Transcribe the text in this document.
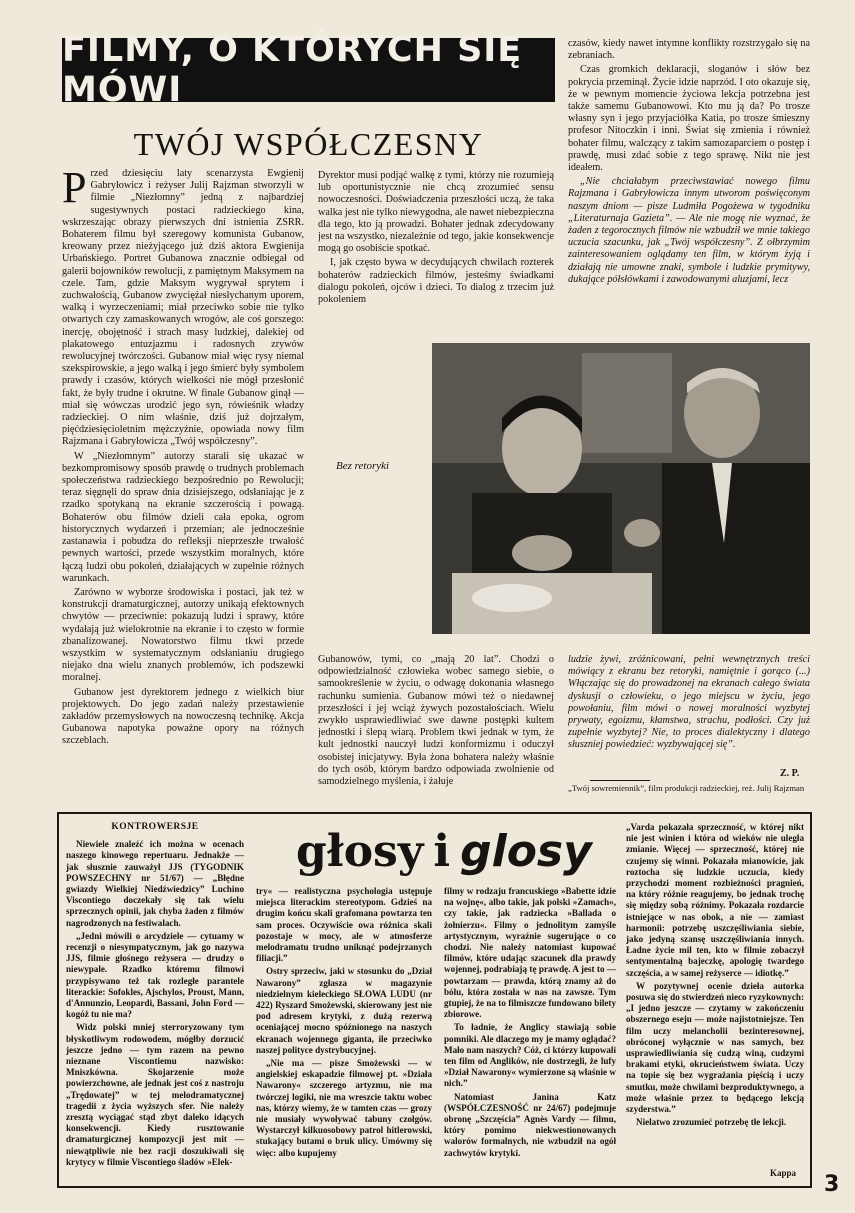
FILMY, O KTÓRYCH SIĘ MÓWI
TWÓJ WSPÓŁCZESNY

Przed dziesięciu laty scenarzysta Ewgienij Gabryłowicz i reżyser Julij Rajzman stworzyli w filmie „Niezłomny” jedną z najbardziej sugestywnych postaci radzieckiego kina, wskrzeszając obrazy pierwszych dni istnienia ZSRR. Bohaterem filmu był szeregowy komunista Gubanow, kreowany przez nieżyjącego już dziś aktora Ewgienija Urbańskiego. Portret Gubanowa znacznie odbiegał od galerii bojowników rewolucji, z pamiętnym Maksymem na czele. Tam, gdzie Maksym wygrywał sprytem i zuchwałością, Gubanow zwyciężał niesłychanym uporem, walką i wyrzeczeniami; miał przeciwko sobie nie tylko otwartych czy zamaskowanych wrogów, ale coś gorszego: inercję, obojętność i strach masy ludzkiej, dalekiej od plakatowego entuzjazmu i radosnych zrywów rewolucyjnej twórczości. Gubanow miał więc rysy niemal szekspirowskie, a jego walką i jego śmierć były symbolem prawdy i czasów, których wielkości nie mógł przesłonić fakt, że były trudne i okrutne. W finale Gubanow ginął — miał się wówczas urodzić jego syn, rówieśnik władzy radzieckiej. O nim właśnie, dziś już dojrzałym, pięćdziesięcioletnim mężczyźnie, opowiada nowy film Rajzmana i Gabryłowicza „Twój współczesny”.

W „Niezłomnym” autorzy starali się ukazać w bezkompromisowy sposób prawdę o trudnych problemach społeczeństwa radzieckiego bezpośrednio po Rewolucji; teraz sięgnęli do spraw dnia dzisiejszego, odsłaniając je z rzadko spotykaną na ekranie szczerością i powagą. Bohaterów obu filmów dzieli cała epoka, ogrom historycznych wydarzeń i przemian; ale jednocześnie zastanawia i pobudza do refleksji nieprzeszłe trwałość pewnych wartości, przede wszystkim moralnych, które łączą ludzi obu pokoleń, działających w zupełnie różnych warunkach.

Zarówno w wyborze środowiska i postaci, jak też w konstrukcji dramaturgicznej, autorzy unikają efektownych chwytów — przeciwnie: pokazują ludzi i sprawy, które wydałają już wielokrotnie na ekranie i to często w formie zbanalizowanej. Nowatorstwo filmu tkwi przede wszystkim w systematycznym odsłanianiu drugiego niejako dna wielu znanych problemów, ich podszewki moralnej.

Gubanow jest dyrektorem jednego z wielkich biur projektowych. Do jego zadań należy przestawienie zakładów przemysłowych na nowoczesną technikę. Akcja Gubanowa napotyka poważne opory na różnych szczeblach.

Dyrektor musi podjąć walkę z tymi, którzy nie rozumieją lub oportunistycznie nie chcą zrozumieć sensu nowoczesności. Doświadczenia przeszłości uczą, że taka walka jest nie tylko niewygodna, ale nawet niebezpieczna dla tego, kto ją prowadzi. Bohater jednak zdecydowany jest na wszystko, niezależnie od tego, jakie konsekwencje mogą go osobiście spotkać.

I, jak często bywa w decydujących chwilach rozterek bohaterów radzieckich filmów, jesteśmy świadkami dialogu pokoleń, ojców i dzieci. To dialog z trzecim już pokoleniem

czasów, kiedy nawet intymne konflikty rozstrzygało się na zebraniach.

Czas gromkich deklaracji, sloganów i słów bez pokrycia przeminął. Życie idzie naprzód. I oto okazuje się, że w pewnym momencie życiowa lekcja potrzebna jest także samemu Gubanowowi. Kto mu ją da? Po trosze własny syn i jego przyjaciółka Katia, po trosze śmieszny profesor Nitoczkin i inni. Świat się zmienia i również bohater filmu, walczący z takim samozaparciem o postęp i prawdę, musi zdać sobie z tego sprawę. Nikt nie jest ideałem.

„Nie chciałabym przeciwstawiać nowego filmu Rajzmana i Gabryłowicza innym utworom poświęconym naszym dniom — pisze Ludmiła Pogożewa w tygodniku „Literaturnaja Gazieta”. — Ale nie mogę nie wyznać, że żaden z tegorocznych filmów nie wzbudził we mnie takiego uczucia szacunku, jak „Twój współczesny”. Z ołbrzymim zainteresowaniem oglądamy ten film, w którym żyją i działają nie umowne znaki, symbole i ludzkie prymitywy, dukające półsłówkami i zawodowanymi aluzjami, lecz

Bez retoryki

Gubanowów, tymi, co „mają 20 lat”. Chodzi o odpowiedzialność człowieka wobec samego siebie, o samookreślenie w życiu, o odwagę dokonania własnego rachunku sumienia. Gubanow mówi też o niedawnej przeszłości i jej wciąż żywych pozostałościach. Wielu zwykło usprawiedliwiać swe dawne postępki kultem jednostki i ślepą wiarą. Problem tkwi jednak w tym, że kult jednostki nauczył ludzi konformizmu i oduczył osobistej inicjatywy. Była żona bohatera należy właśnie do tych osób, którym bardzo odpowiada zwolnienie od samodzielnego myślenia, i żałuje

ludzie żywi, zróżnicowani, pełni wewnętrznych treści mówiący z ekranu bez retoryki, namiętnie i gorąco (...) Włączając się do prowadzonej na ekranach całego świata dyskusji o człowieku, o jego miejscu w życiu, jego powołaniu, film mówi o nowej moralności wyzbytej prywaty, egoizmu, kłamstwa, strachu, podłości. Czy już zupełnie wyzbytej? Nie, to proces dialektyczny i dlatego słuszniej powiedzieć: wyzbywającej się”.

Z. P.
„Twój sowremiennik”, film produkcji radzieckiej, reż. Julij Rajzman
głosy i glosy
KONTROWERSJE

Niewiele znaleźć ich można w ocenach naszego kinowego repertuaru. Jednakże — jak słusznie zauważył JJS (TYGODNIK POWSZECHNY nr 51/67) — „Błędne gwiazdy Wielkiej Niedźwiedzicy” Luchino Viscontiego doczekały się tak wielu sprzecznych opinii, jak chyba żaden z filmów nagrodzonych na festiwalach.

„Jedni mówili o arcydziele — cytuamy w recenzji o niesympatycznym, jak go nazywa JJS, filmie głośnego reżysera — drudzy o niewypale. Rzadko któremu filmowi przypisywano też tak rozległe parantele literackie: Sofokles, Ajschylos, Proust, Mann, d'Annunzio, Leopardi, Bassani, John Ford — kogóż tu nie ma?

Widz polski mniej sterroryzowany tym błyskotliwym rodowodem, mógłby dorzucić jeszcze jedno — tym razem na pewno nieznane Viscontiemu nazwisko: Mniszkówna. Skojarzenie może powierzchowne, ale jednak jest coś z nastroju „Trędowatej” w tej melodramatycznej tragedii z życia wyższych sfer. Nie należy zresztą wyciągać stąd zbyt daleko idących konsekwencji. Kiedy rusztowanie dramaturgicznej kompozycji jest mit — niewątpliwie nie bez racji doszukiwali się krytycy w filmie Viscontiego śladów »Elek-

try« — realistyczna psychologia ustępuje miejsca literackim stereotypom. Gdzieś na drugim końcu skali grafomana powtarza ten sam proces. Oczywiście owa różnica skali pozostaje w mocy, ale w atmosferze melodramatu trudno uniknąć podejrzanych filiacji.”

Ostry sprzeciw, jaki w stosunku do „Dział Nawarony” zgłasza w magazynie niedzielnym kieleckiego SŁOWA LUDU (nr 422) Ryszard Smożewski, skierowany jest nie pod adresem krytyki, z dużą rezerwą oceniającej mocno spóźnionego na naszych ekranach wojennego giganta, ile przeciwko naszej polityce dystrybucyjnej.

„Nie ma — pisze Smożewski — w angielskiej eskapadzie filmowej pt. »Działa Nawarony« szczerego artyzmu, nie ma twórczej logiki, nie ma wreszcie taktu wobec nas, którzy wiemy, że w tamten czas — grozy nie musiały wywoływać tabuny czołgów. Wystarczył kilkuosobowy patrol hitlerowski, stukający butami o bruk ulicy. Umówmy się więc: albo kupujemy

filmy w rodzaju francuskiego »Babette idzie na wojnę«, albo takie, jak polski »Zamach«, czy takie, jak radziecka »Ballada o żołnierzu«. Filmy o jednolitym zamyśle artystycznym, wyraźnie sugerujące o co chodzi. Nie należy natomiast kupować filmów, które udając szacunek dla prawdy wojennej, podrabiają tę prawdę. A jest to — powtarzam — prawda, którą znamy aż do bólu, która została w nas na zawsze. Tym gtupiej, że na to filmiszcze fundowano bilety zbiorowe.

To ładnie, że Anglicy stawiają sobie pomniki. Ale dlaczego my je mamy oglądać? Mało nam naszych? Cóż, ci którzy kupowali ten film od Anglików, nie dostrzegli, że lufy »Dział Nawarony« wymierzone są właśnie w nich.”

Natomiast Janina Katz (WSPÓŁCZESNOŚĆ nr 24/67) podejmuje obronę „Szczęścia” Agnès Vardy — filmu, który pomimo niekwestionowanych walorów formalnych, nie wzbudził na ogół zachwytów krytyki.

„Varda pokazała sprzeczność, w której nikt nie jest winien i która od wieków nie uległa zmianie. Więcej — sprzeczność, której nie czujemy się winni. Pokazała mianowicie, jak roztocha się ludzkie uczucia, kiedy przychodzi moment rozbieżności pragnień, na który różnie reagujemy, bo jednak trochę się między sobą różnimy. Pokazała rozdarcie istniejące w nas obok, a nie — zamiast harmonii: potrzebę uszczęśliwiania siebie, jako jedyną szansę uszczęśliwiania innych. Ładne życie mil ten, kto w filmie zobaczył sentymentalną bajeczkę, apologię twardego szczęścia, a w samej reżyserce — idiotkę.”

W pozytywnej ocenie dzieła autorka posuwa się do stwierdzeń nieco ryzykownych: „I jedno jeszcze — czytamy w zakończeniu obszernego eseju — może najistotniejsze. Ten film uczy melancholii bezinteresownej, obróconej wyłącznie w nas samych, bez usprawiedliwiania się cudzą winą, cudzymi brakami etyki, okrucieństwem świata. Uczy na topie się bez wygrażania pięścią i uczy smutku, może chwilami bezproduktywnego, a może właśnie przez to będącego lekcją szyderstwa.”

Nielatwo zrozumieć potrzebę tłe lekcji.

Kappa 3
